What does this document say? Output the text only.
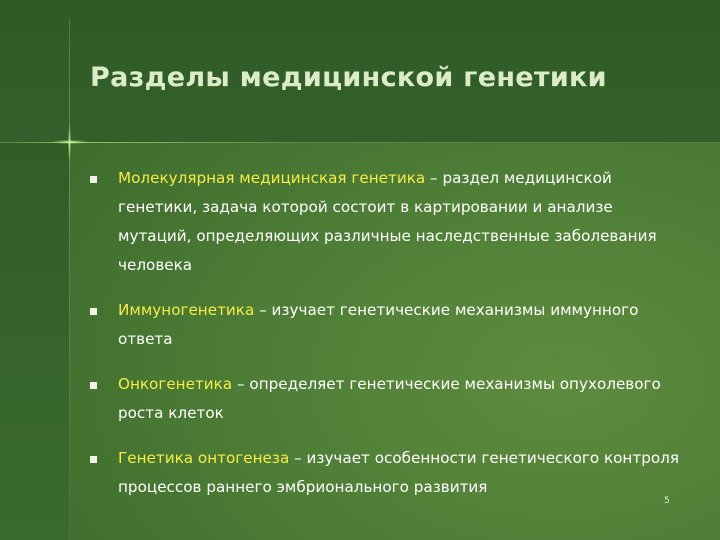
Разделы медицинской генетики
Молекулярная медицинская генетика – раздел медицинской генетики, задача которой состоит в картировании и анализе мутаций, определяющих различные наследственные заболевания человека
Иммуногенетика – изучает генетические механизмы иммунного ответа
Онкогенетика – определяет генетические механизмы опухолевого роста клеток
Генетика онтогенеза – изучает особенности генетического контроля процессов раннего эмбрионального развития
5
